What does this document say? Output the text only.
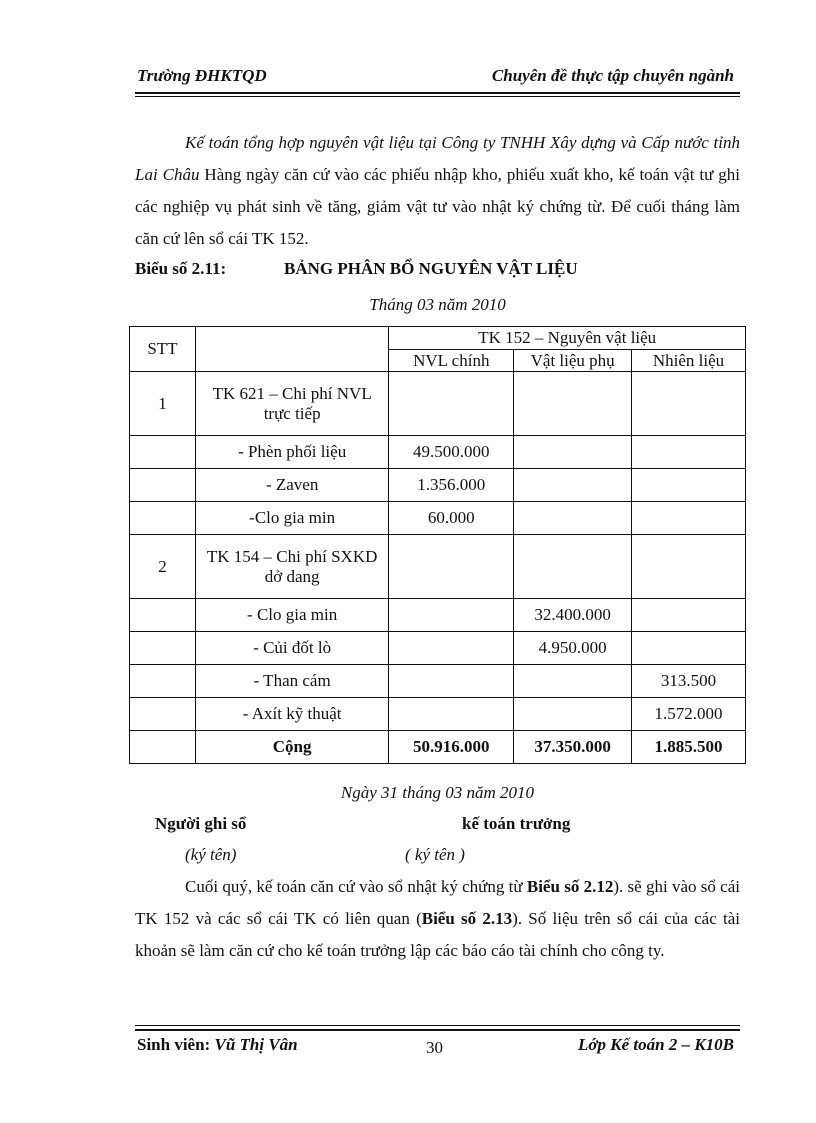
Trường ĐHKTQD	Chuyên đề thực tập chuyên ngành
Kế toán tổng hợp nguyên vật liệu tại Công ty TNHH Xây dựng và Cấp nước tỉnh Lai Châu Hàng ngày căn cứ vào các phiếu nhập kho, phiếu xuất kho, kế toán vật tư ghi các nghiệp vụ phát sinh về tăng, giảm vật tư vào nhật ký chứng từ. Để cuối tháng làm căn cứ lên sổ cái TK 152.
Biểu số 2.11:	BẢNG PHÂN BỔ NGUYÊN VẬT LIỆU
Tháng 03 năm 2010
STT		TK 152 – Nguyên vật liệu		
		NVL chính	Vật liệu phụ	Nhiên liệu
1	TK 621 – Chi phí NVL trực tiếp			
	- Phèn phối liệu	49.500.000		
	- Zaven	1.356.000		
	-Clo gia min	60.000		
2	TK 154 – Chi phí SXKD dở dang			
	- Clo gia min		32.400.000	
	- Củi đốt lò		4.950.000	
	- Than cám			313.500
	- Axít kỹ thuật			1.572.000
	Cộng	50.916.000	37.350.000	1.885.500
Ngày 31 tháng 03 năm 2010
Người ghi sổ	kế toán trưởng
(ký tên)	( ký tên )
Cuối quý, kế toán căn cứ vào sổ nhật ký chứng từ Biểu số 2.12). sẽ ghi vào sổ cái TK 152 và các sổ cái TK có liên quan (Biểu số 2.13). Số liệu trên sổ cái của các tài khoản sẽ làm căn cứ cho kế toán trưởng lập các báo cáo tài chính cho công ty.
Sinh viên: Vũ Thị Vân	30	Lớp Kế toán 2 – K10B
